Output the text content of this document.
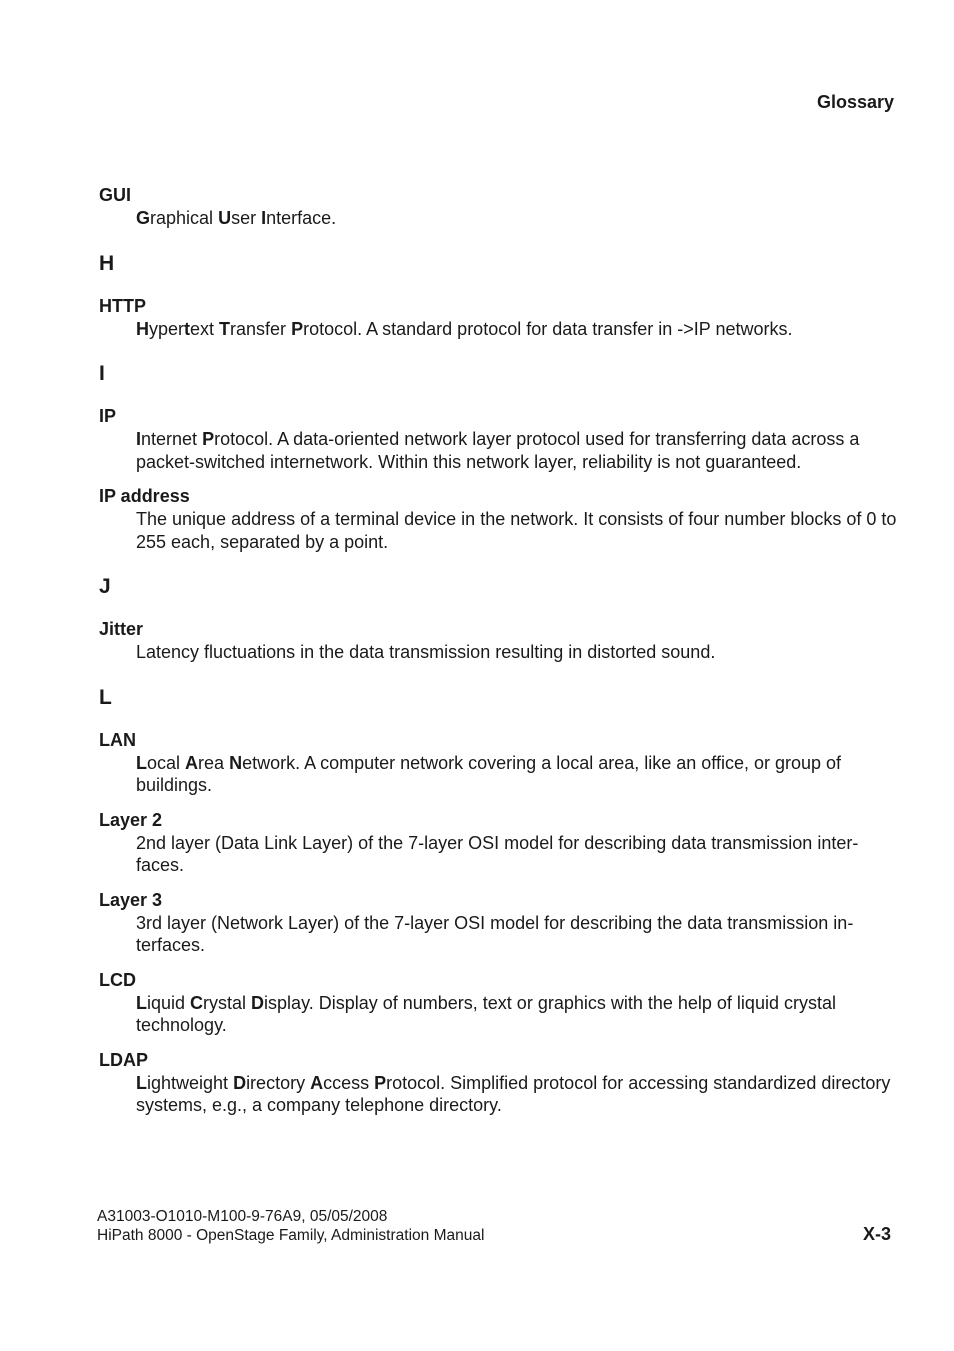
Glossary
GUI
Graphical User Interface.
H
HTTP
Hypertext Transfer Protocol. A standard protocol for data transfer in ->IP networks.
I
IP
Internet Protocol. A data-oriented network layer protocol used for transferring data across a packet-switched internetwork. Within this network layer, reliability is not guaranteed.
IP address
The unique address of a terminal device in the network. It consists of four number blocks of 0 to 255 each, separated by a point.
J
Jitter
Latency fluctuations in the data transmission resulting in distorted sound.
L
LAN
Local Area Network. A computer network covering a local area, like an office, or group of buildings.
Layer 2
2nd layer (Data Link Layer) of the 7-layer OSI model for describing data transmission interfaces.
Layer 3
3rd layer (Network Layer) of the 7-layer OSI model for describing the data transmission interfaces.
LCD
Liquid Crystal Display. Display of numbers, text or graphics with the help of liquid crystal technology.
LDAP
Lightweight Directory Access Protocol. Simplified protocol for accessing standardized directory systems, e.g., a company telephone directory.
A31003-O1010-M100-9-76A9, 05/05/2008
HiPath 8000 - OpenStage Family, Administration Manual	X-3
